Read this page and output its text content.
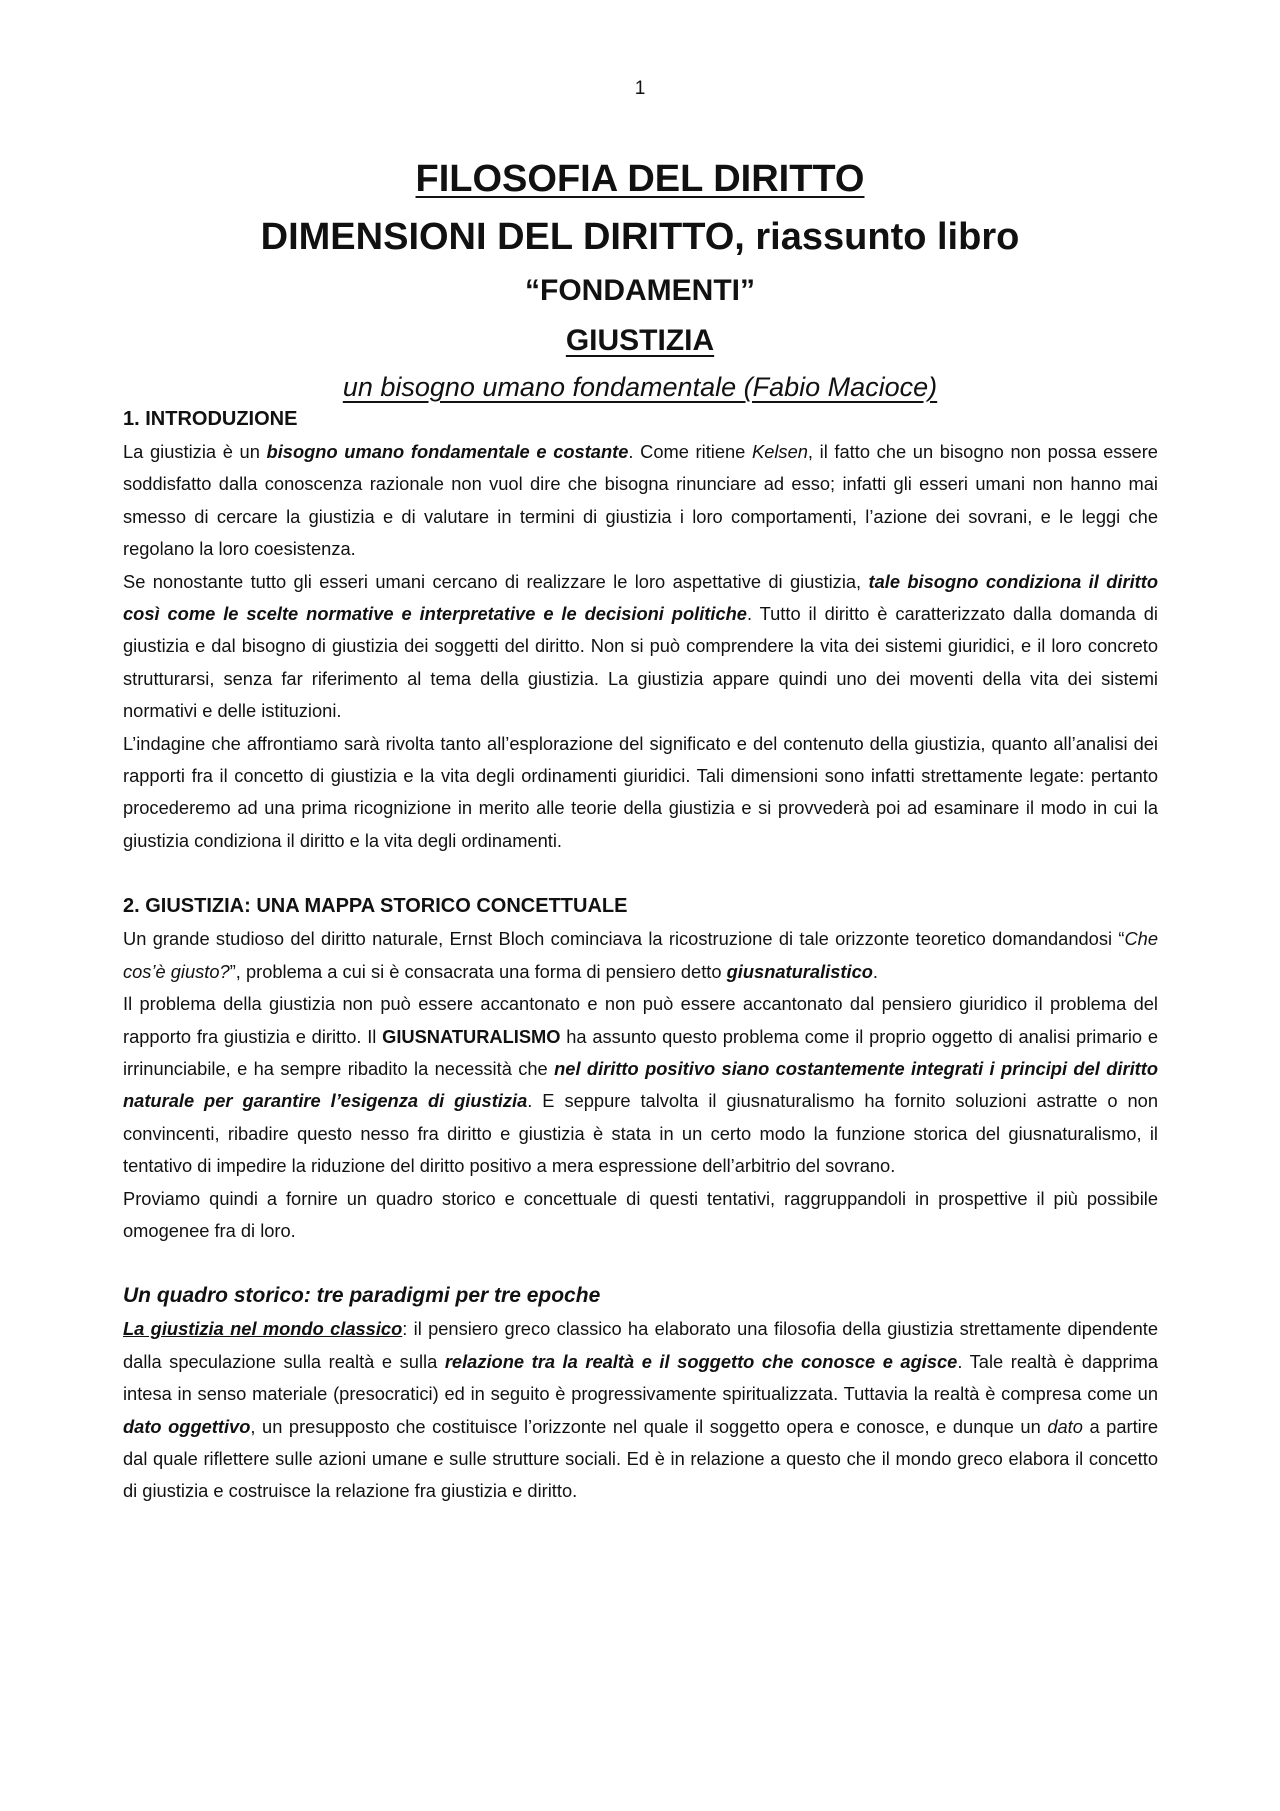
1

FILOSOFIA DEL DIRITTO

DIMENSIONI DEL DIRITTO, riassunto libro

“FONDAMENTI”

GIUSTIZIA

un bisogno umano fondamentale (Fabio Macioce)

1. INTRODUZIONE

La giustizia è un bisogno umano fondamentale e costante. Come ritiene Kelsen, il fatto che un bisogno non possa essere soddisfatto dalla conoscenza razionale non vuol dire che bisogna rinunciare ad esso; infatti gli esseri umani non hanno mai smesso di cercare la giustizia e di valutare in termini di giustizia i loro comportamenti, l’azione dei sovrani, e le leggi che regolano la loro coesistenza.

Se nonostante tutto gli esseri umani cercano di realizzare le loro aspettative di giustizia, tale bisogno condiziona il diritto così come le scelte normative e interpretative e le decisioni politiche. Tutto il diritto è caratterizzato dalla domanda di giustizia e dal bisogno di giustizia dei soggetti del diritto. Non si può comprendere la vita dei sistemi giuridici, e il loro concreto strutturarsi, senza far riferimento al tema della giustizia. La giustizia appare quindi uno dei moventi della vita dei sistemi normativi e delle istituzioni.

L’indagine che affrontiamo sarà rivolta tanto all’esplorazione del significato e del contenuto della giustizia, quanto all’analisi dei rapporti fra il concetto di giustizia e la vita degli ordinamenti giuridici. Tali dimensioni sono infatti strettamente legate: pertanto procederemo ad una prima ricognizione in merito alle teorie della giustizia e si provvederà poi ad esaminare il modo in cui la giustizia condiziona il diritto e la vita degli ordinamenti.

2. GIUSTIZIA: UNA MAPPA STORICO CONCETTUALE

Un grande studioso del diritto naturale, Ernst Bloch cominciava la ricostruzione di tale orizzonte teoretico domandandosi “Che cos’è giusto?”, problema a cui si è consacrata una forma di pensiero detto giusnaturalistico.

Il problema della giustizia non può essere accantonato e non può essere accantonato dal pensiero giuridico il problema del rapporto fra giustizia e diritto. Il GIUSNATURALISMO ha assunto questo problema come il proprio oggetto di analisi primario e irrinunciabile, e ha sempre ribadito la necessità che nel diritto positivo siano costantemente integrati i principi del diritto naturale per garantire l’esigenza di giustizia. E seppure talvolta il giusnaturalismo ha fornito soluzioni astratte o non convincenti, ribadire questo nesso fra diritto e giustizia è stata in un certo modo la funzione storica del giusnaturalismo, il tentativo di impedire la riduzione del diritto positivo a mera espressione dell’arbitrio del sovrano.

Proviamo quindi a fornire un quadro storico e concettuale di questi tentativi, raggruppandoli in prospettive il più possibile omogenee fra di loro.

Un quadro storico: tre paradigmi per tre epoche

La giustizia nel mondo classico: il pensiero greco classico ha elaborato una filosofia della giustizia strettamente dipendente dalla speculazione sulla realtà e sulla relazione tra la realtà e il soggetto che conosce e agisce. Tale realtà è dapprima intesa in senso materiale (presocratici) ed in seguito è progressivamente spiritualizzata. Tuttavia la realtà è compresa come un dato oggettivo, un presupposto che costituisce l’orizzonte nel quale il soggetto opera e conosce, e dunque un dato a partire dal quale riflettere sulle azioni umane e sulle strutture sociali. Ed è in relazione a questo che il mondo greco elabora il concetto di giustizia e costruisce la relazione fra giustizia e diritto.
